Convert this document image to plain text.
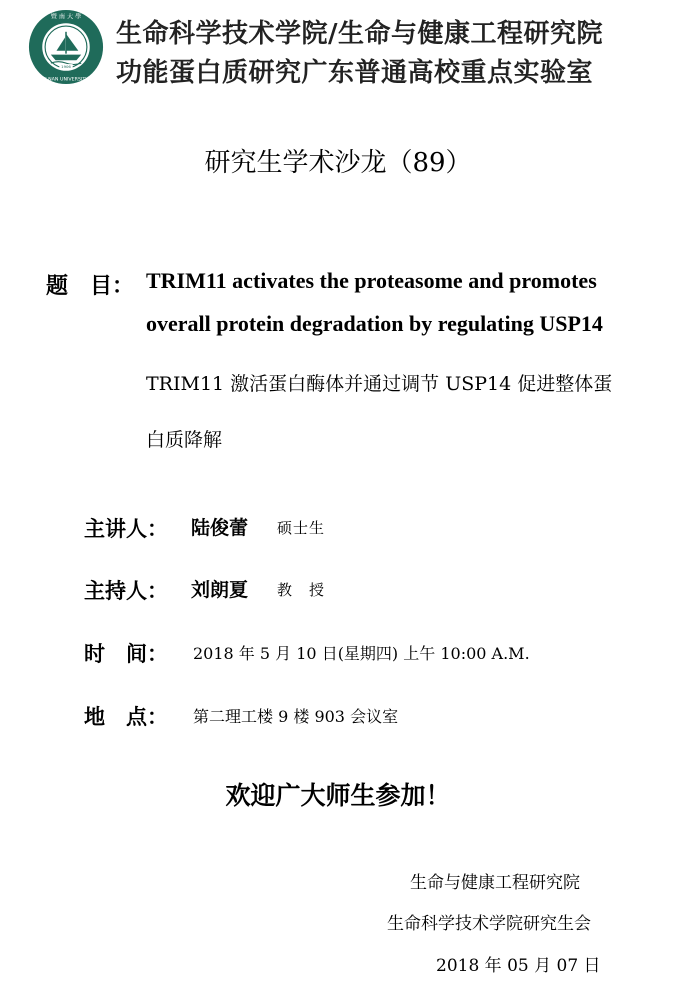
1906
暨 南 大 學
JI NAN UNIVERSITY
生命科学技术学院/生命与健康工程研究院
功能蛋白质研究广东普通高校重点实验室
研究生学术沙龙（89）
题　目： TRIM11 activates the proteasome and promotes
overall protein degradation by regulating USP14
TRIM11 激活蛋白酶体并通过调节 USP14 促进整体蛋
白质降解
主讲人： 陆俊蕾 硕士生
主持人： 刘朗夏 教　授
时　间： 2018 年 5 月 10 日(星期四) 上午 10:00 A.M.
地　点： 第二理工楼 9 楼 903 会议室
欢迎广大师生参加！
生命与健康工程研究院
生命科学技术学院研究生会
2018 年 05 月 07 日
